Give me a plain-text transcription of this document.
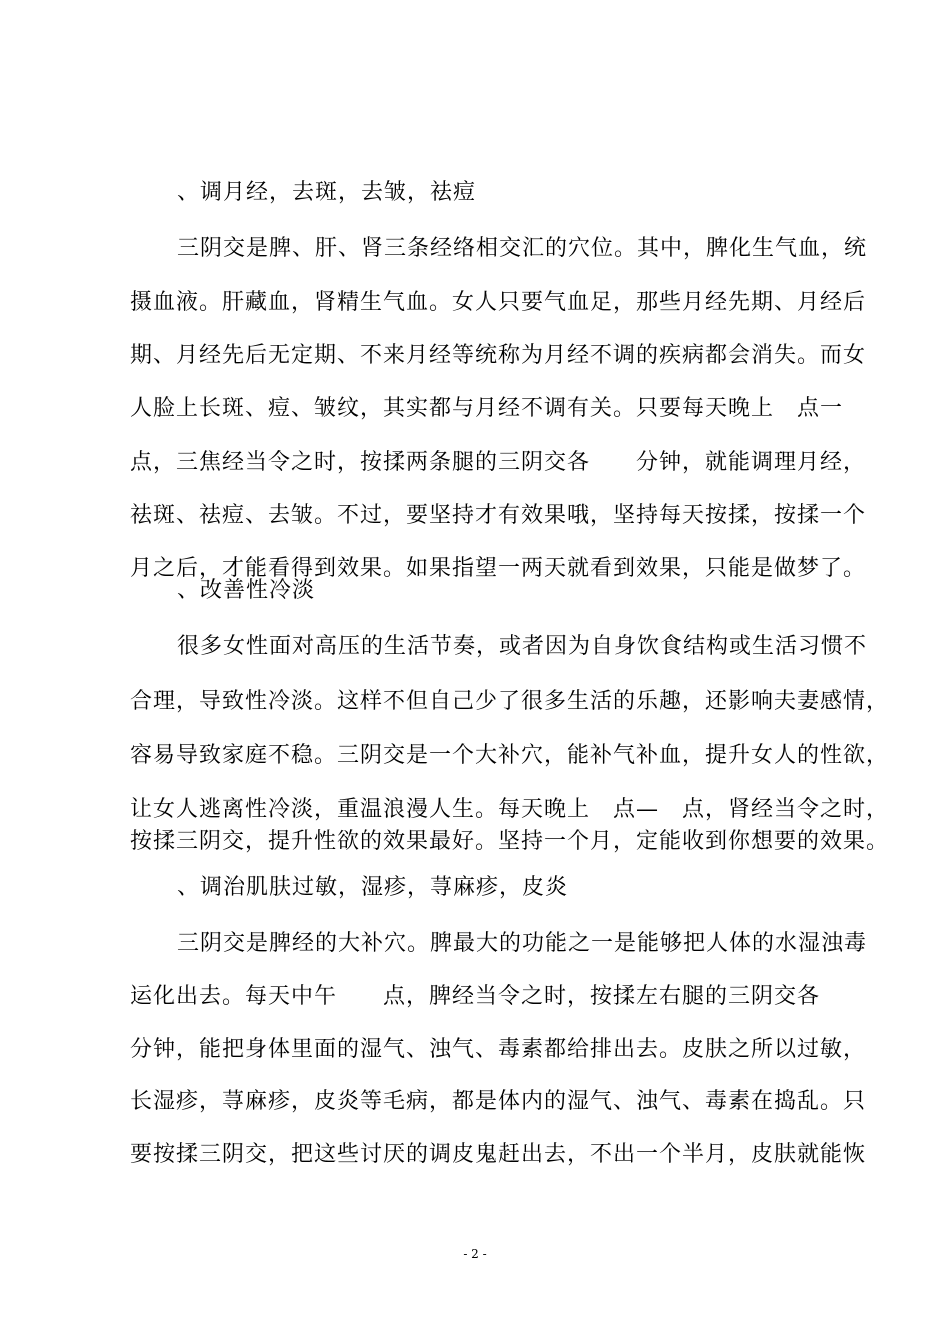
、调月经，去斑，去皱，祛痘
三阴交是脾、肝、肾三条经络相交汇的穴位。其中，脾化生气血，统
摄血液。肝藏血，肾精生气血。女人只要气血足，那些月经先期、月经后
期、月经先后无定期、不来月经等统称为月经不调的疾病都会消失。而女
人脸上长斑、痘、皱纹，其实都与月经不调有关。只要每天晚上　点一
点，三焦经当令之时，按揉两条腿的三阴交各　　分钟，就能调理月经，
祛斑、祛痘、去皱。不过，要坚持才有效果哦，坚持每天按揉，按揉一个
月之后，才能看得到效果。如果指望一两天就看到效果，只能是做梦了。
、改善性冷淡
很多女性面对高压的生活节奏，或者因为自身饮食结构或生活习惯不
合理，导致性冷淡。这样不但自己少了很多生活的乐趣，还影响夫妻感情，
容易导致家庭不稳。三阴交是一个大补穴，能补气补血，提升女人的性欲，
让女人逃离性冷淡，重温浪漫人生。每天晚上　点—　点，肾经当令之时，
按揉三阴交，提升性欲的效果最好。坚持一个月，定能收到你想要的效果。
、调治肌肤过敏，湿疹，荨麻疹，皮炎
三阴交是脾经的大补穴。脾最大的功能之一是能够把人体的水湿浊毒
运化出去。每天中午　　点，脾经当令之时，按揉左右腿的三阴交各
分钟，能把身体里面的湿气、浊气、毒素都给排出去。皮肤之所以过敏，
长湿疹，荨麻疹，皮炎等毛病，都是体内的湿气、浊气、毒素在捣乱。只
要按揉三阴交，把这些讨厌的调皮鬼赶出去，不出一个半月，皮肤就能恢
- 2 -
